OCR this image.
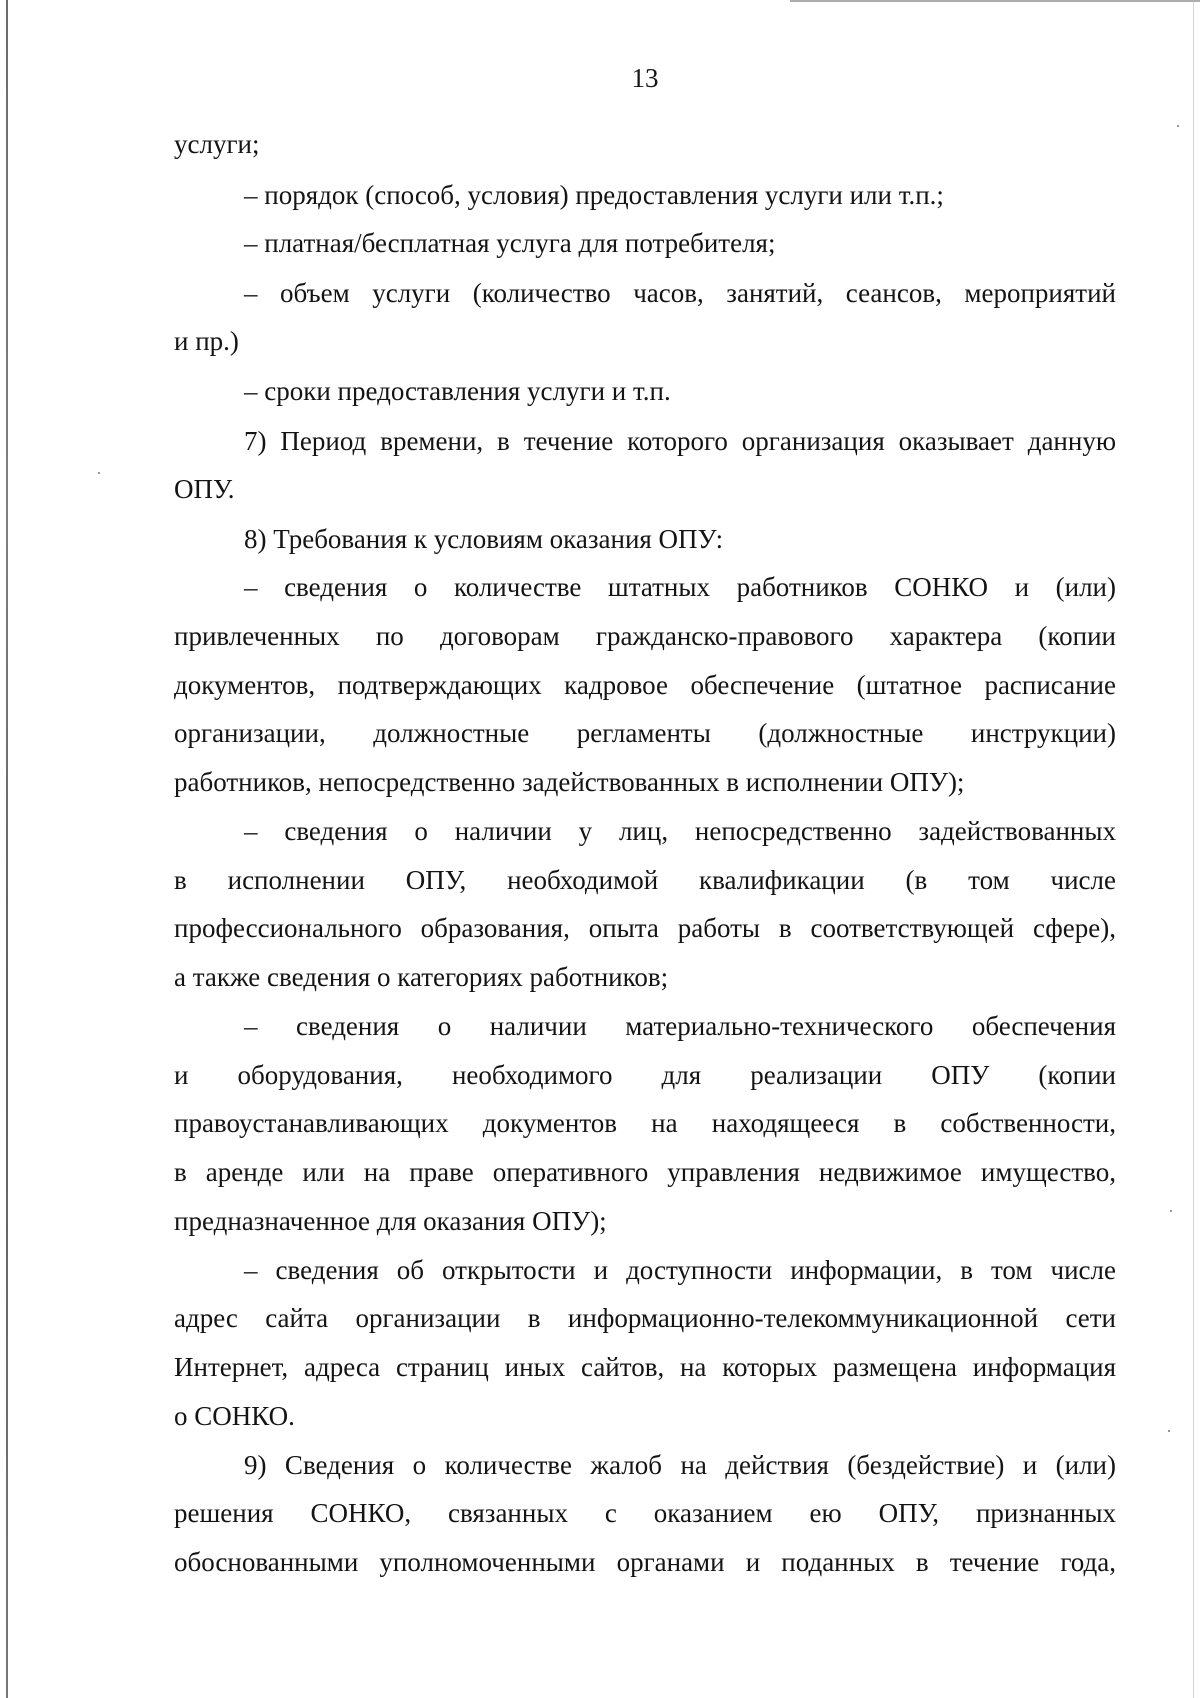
13
услуги;
– порядок (способ, условия) предоставления услуги или т.п.;
– платная/бесплатная услуга для потребителя;
– объем услуги (количество часов, занятий, сеансов, мероприятий
и пр.)
– сроки предоставления услуги и т.п.
7) Период времени, в течение которого организация оказывает данную
ОПУ.
8) Требования к условиям оказания ОПУ:
– сведения о количестве штатных работников СОНКО и (или)
привлеченных по договорам гражданско-правового характера (копии
документов, подтверждающих кадровое обеспечение (штатное расписание
организации, должностные регламенты (должностные инструкции)
работников, непосредственно задействованных в исполнении ОПУ);
– сведения о наличии у лиц, непосредственно задействованных
в исполнении ОПУ, необходимой квалификации (в том числе
профессионального образования, опыта работы в соответствующей сфере),
а также сведения о категориях работников;
– сведения о наличии материально-технического обеспечения
и оборудования, необходимого для реализации ОПУ (копии
правоустанавливающих документов на находящееся в собственности,
в аренде или на праве оперативного управления недвижимое имущество,
предназначенное для оказания ОПУ);
– сведения об открытости и доступности информации, в том числе
адрес сайта организации в информационно-телекоммуникационной сети
Интернет, адреса страниц иных сайтов, на которых размещена информация
о СОНКО.
9) Сведения о количестве жалоб на действия (бездействие) и (или)
решения СОНКО, связанных с оказанием ею ОПУ, признанных
обоснованными уполномоченными органами и поданных в течение года,
